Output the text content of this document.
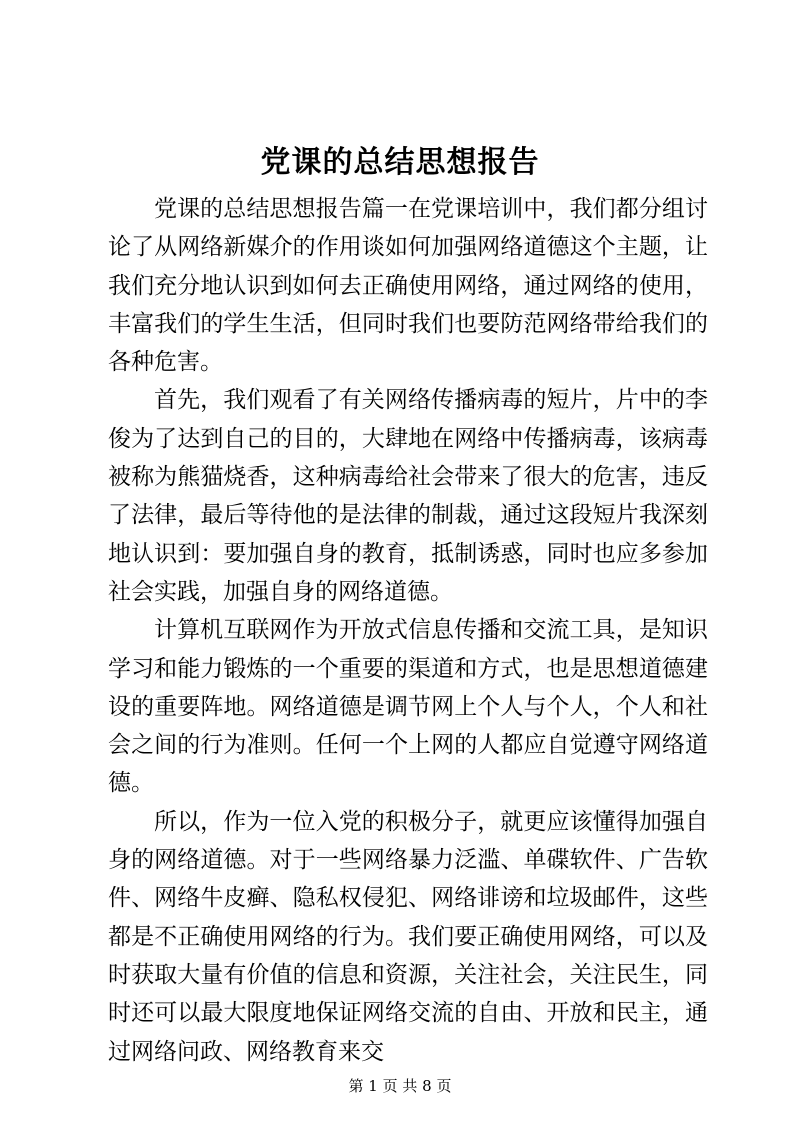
党课的总结思想报告

党课的总结思想报告篇一在党课培训中，我们都分组讨论了从网络新媒介的作用谈如何加强网络道德这个主题，让我们充分地认识到如何去正确使用网络，通过网络的使用，丰富我们的学生生活，但同时我们也要防范网络带给我们的各种危害。

首先，我们观看了有关网络传播病毒的短片，片中的李俊为了达到自己的目的，大肆地在网络中传播病毒，该病毒被称为熊猫烧香，这种病毒给社会带来了很大的危害，违反了法律，最后等待他的是法律的制裁，通过这段短片我深刻地认识到：要加强自身的教育，抵制诱惑，同时也应多参加社会实践，加强自身的网络道德。

计算机互联网作为开放式信息传播和交流工具，是知识学习和能力锻炼的一个重要的渠道和方式，也是思想道德建设的重要阵地。网络道德是调节网上个人与个人，个人和社会之间的行为准则。任何一个上网的人都应自觉遵守网络道德。

所以，作为一位入党的积极分子，就更应该懂得加强自身的网络道德。对于一些网络暴力泛滥、单碟软件、广告软件、网络牛皮癣、隐私权侵犯、网络诽谤和垃圾邮件，这些都是不正确使用网络的行为。我们要正确使用网络，可以及时获取大量有价值的信息和资源，关注社会，关注民生，同时还可以最大限度地保证网络交流的自由、开放和民主，通过网络问政、网络教育来交

第 1 页 共 8 页
